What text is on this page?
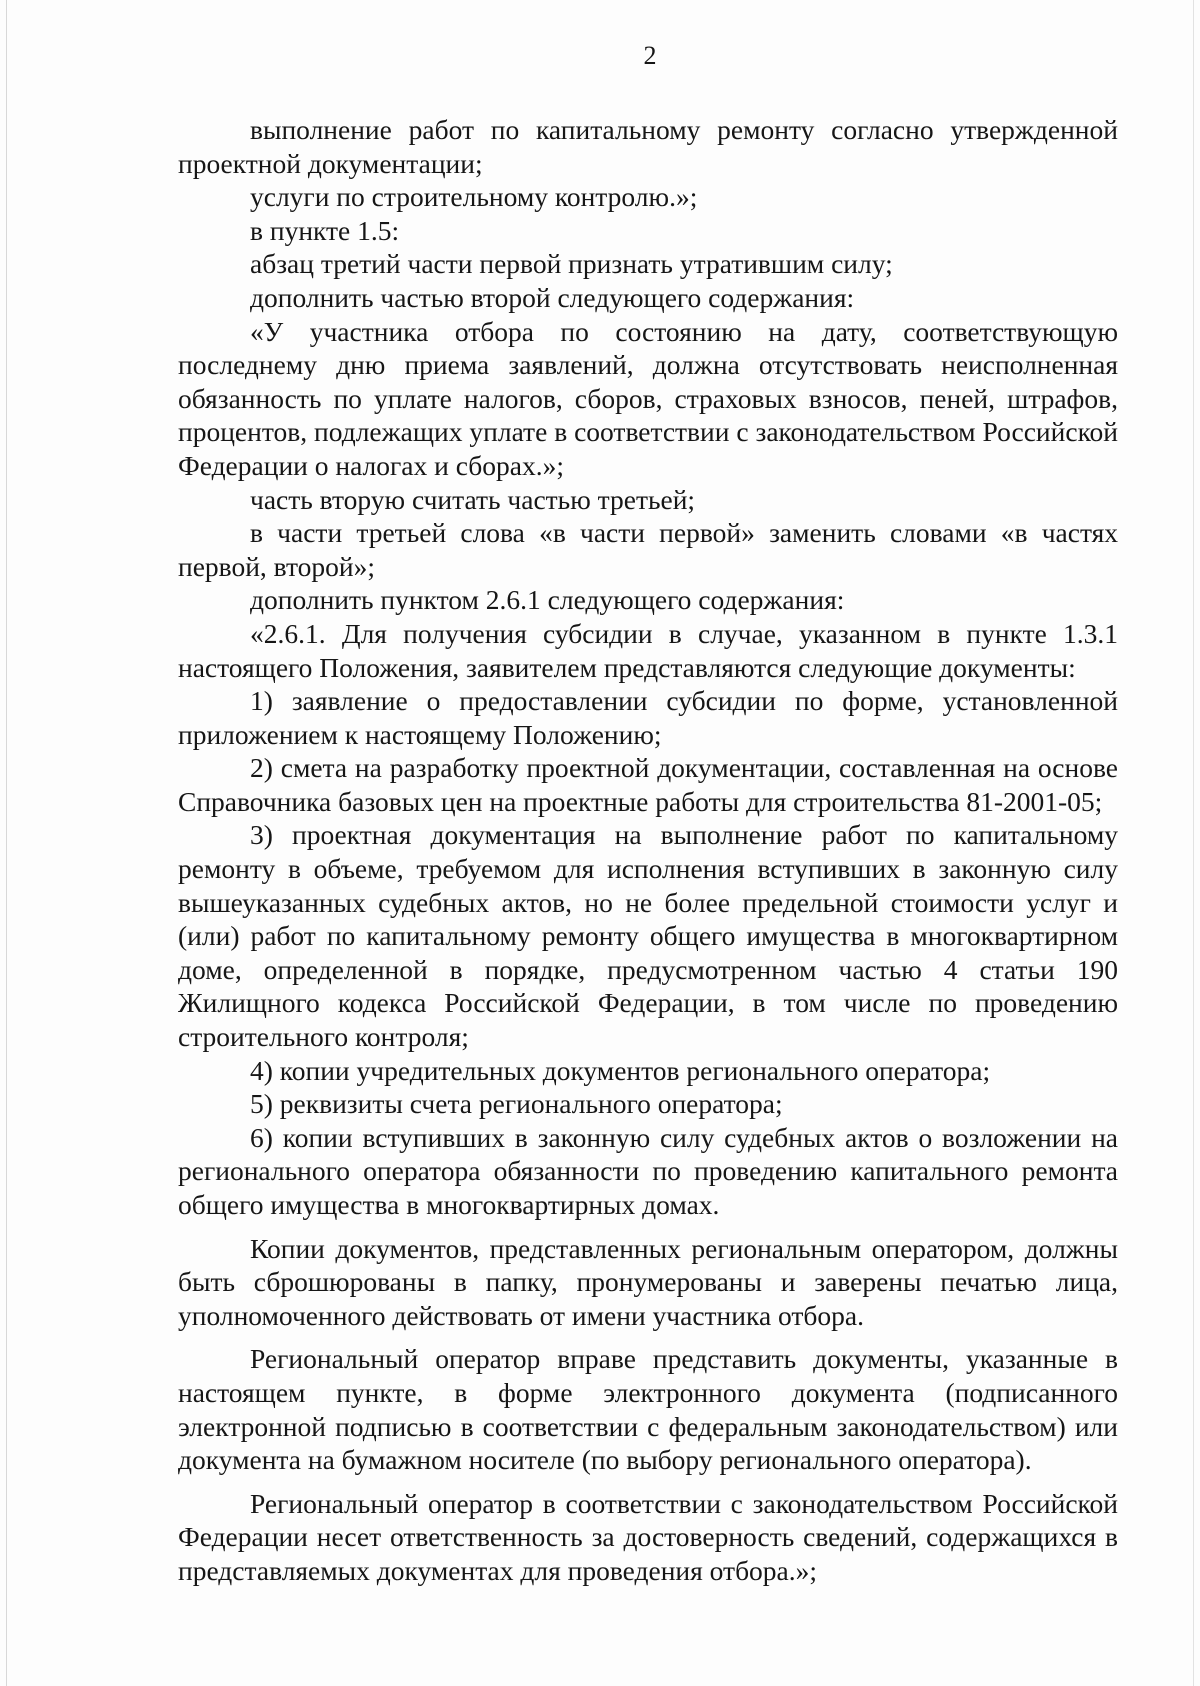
2

выполнение работ по капитальному ремонту согласно утвержденной проектной документации;

услуги по строительному контролю.»;

в пункте 1.5:

абзац третий части первой признать утратившим силу;

дополнить частью второй следующего содержания:

«У участника отбора по состоянию на дату, соответствующую последнему дню приема заявлений, должна отсутствовать неисполненная обязанность по уплате налогов, сборов, страховых взносов, пеней, штрафов, процентов, подлежащих уплате в соответствии с законодательством Российской Федерации о налогах и сборах.»;

часть вторую считать частью третьей;

в части третьей слова «в части первой» заменить словами «в частях первой, второй»;

дополнить пунктом 2.6.1 следующего содержания:

«2.6.1. Для получения субсидии в случае, указанном в пункте 1.3.1 настоящего Положения, заявителем представляются следующие документы:

1) заявление о предоставлении субсидии по форме, установленной приложением к настоящему Положению;

2) смета на разработку проектной документации, составленная на основе Справочника базовых цен на проектные работы для строительства 81-2001-05;

3) проектная документация на выполнение работ по капитальному ремонту в объеме, требуемом для исполнения вступивших в законную силу вышеуказанных судебных актов, но не более предельной стоимости услуг и (или) работ по капитальному ремонту общего имущества в многоквартирном доме, определенной в порядке, предусмотренном частью 4 статьи 190 Жилищного кодекса Российской Федерации, в том числе по проведению строительного контроля;

4) копии учредительных документов регионального оператора;

5) реквизиты счета регионального оператора;

6) копии вступивших в законную силу судебных актов о возложении на регионального оператора обязанности по проведению капитального ремонта общего имущества в многоквартирных домах.

Копии документов, представленных региональным оператором, должны быть сброшюрованы в папку, пронумерованы и заверены печатью лица, уполномоченного действовать от имени участника отбора.

Региональный оператор вправе представить документы, указанные в настоящем пункте, в форме электронного документа (подписанного электронной подписью в соответствии с федеральным законодательством) или документа на бумажном носителе (по выбору регионального оператора).

Региональный оператор в соответствии с законодательством Российской Федерации несет ответственность за достоверность сведений, содержащихся в представляемых документах для проведения отбора.»;
